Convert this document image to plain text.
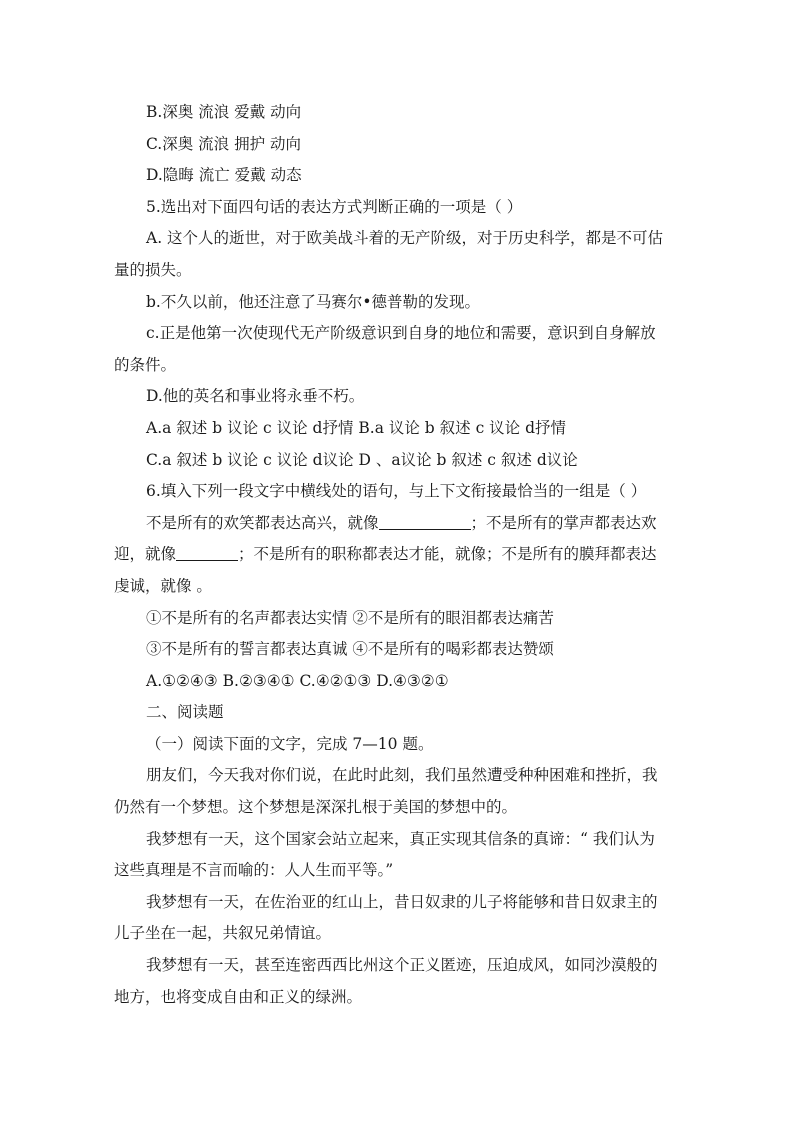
B.深奥 流浪 爱戴 动向
C.深奥 流浪 拥护 动向
D.隐晦 流亡 爱戴 动态
5.选出对下面四句话的表达方式判断正确的一项是（ ）
A. 这个人的逝世，对于欧美战斗着的无产阶级，对于历史科学，都是不可估
量的损失。
b.不久以前，他还注意了马赛尔•德普勒的发现。
c.正是他第一次使现代无产阶级意识到自身的地位和需要，意识到自身解放
的条件。
D.他的英名和事业将永垂不朽。
A.a 叙述 b 议论 c 议论 d抒情 B.a 议论 b 叙述 c 议论 d抒情
C.a 叙述 b 议论 c 议论 d议论 D 、a议论 b 叙述 c 叙述 d议论
6.填入下列一段文字中横线处的语句，与上下文衔接最恰当的一组是（ ）
不是所有的欢笑都表达高兴，就像	；不是所有的掌声都表达欢
迎，就像	；不是所有的职称都表达才能，就像；不是所有的膜拜都表达
虔诚，就像 。
①不是所有的名声都表达实情 ②不是所有的眼泪都表达痛苦
③不是所有的誓言都表达真诚 ④不是所有的喝彩都表达赞颂
A.①②④③ B.②③④① C.④②①③ D.④③②①
二、阅读题
（一）阅读下面的文字，完成 7—10 题。
朋友们，今天我对你们说，在此时此刻，我们虽然遭受种种困难和挫折，我
仍然有一个梦想。这个梦想是深深扎根于美国的梦想中的。
我梦想有一天，这个国家会站立起来，真正实现其信条的真谛：“ 我们认为
这些真理是不言而喻的：人人生而平等。”
我梦想有一天，在佐治亚的红山上，昔日奴隶的儿子将能够和昔日奴隶主的
儿子坐在一起，共叙兄弟情谊。
我梦想有一天，甚至连密西西比州这个正义匿迹，压迫成风，如同沙漠般的
地方，也将变成自由和正义的绿洲。
